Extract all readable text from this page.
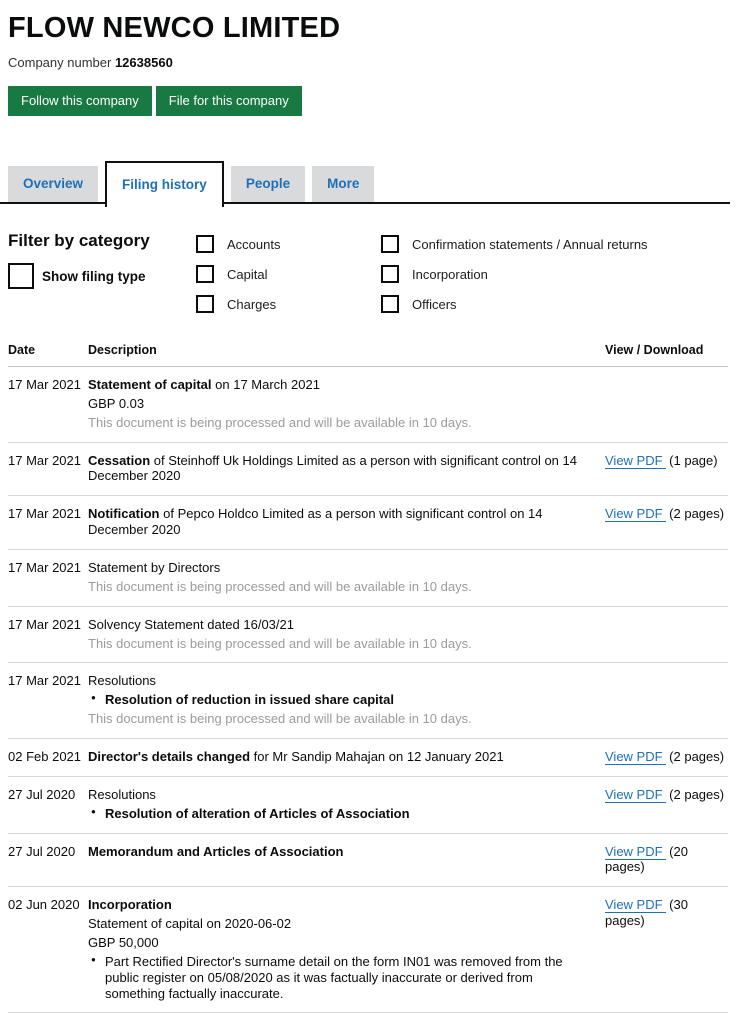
FLOW NEWCO LIMITED

Company number 12638560

Follow this company	File for this company
Overview	Filing history	People	More
Filter by category
Show filing type
Accounts
Capital
Charges
Confirmation statements / Annual returns
Incorporation
Officers
Date	Description	View / Download
17 Mar 2021 Statement of capital on 17 March 2021
GBP 0.03
This document is being processed and will be available in 10 days.
17 Mar 2021 Cessation of Steinhoff Uk Holdings Limited as a person with significant control on 14 December 2020
View PDF (1 page)
17 Mar 2021 Notification of Pepco Holdco Limited as a person with significant control on 14 December 2020
View PDF (2 pages)
17 Mar 2021 Statement by Directors
This document is being processed and will be available in 10 days.
17 Mar 2021 Solvency Statement dated 16/03/21
This document is being processed and will be available in 10 days.
17 Mar 2021 Resolutions
● Resolution of reduction in issued share capital
This document is being processed and will be available in 10 days.
02 Feb 2021 Director's details changed for Mr Sandip Mahajan on 12 January 2021	View PDF (2 pages)
27 Jul 2020 Resolutions
● Resolution of alteration of Articles of Association
View PDF (2 pages)
27 Jul 2020 Memorandum and Articles of Association	View PDF (20 pages)
02 Jun 2020 Incorporation
Statement of capital on 2020-06-02
GBP 50,000
● Part Rectified Director's surname detail on the form IN01 was removed from the public register on 05/08/2020 as it was factually inaccurate or derived from something factually inaccurate.
View PDF (30 pages)
